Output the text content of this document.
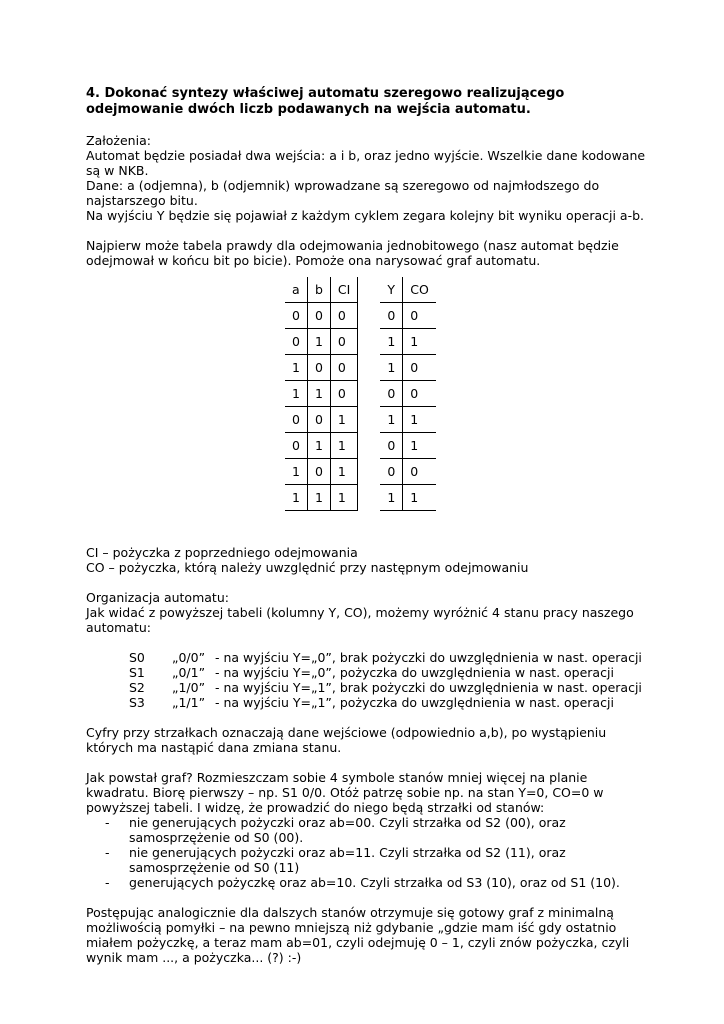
4. Dokonać syntezy właściwej automatu szeregowo realizującego odejmowanie dwóch liczb podawanych na wejścia automatu.

Założenia:

Automat będzie posiadał dwa wejścia: a i b, oraz jedno wyjście. Wszelkie dane kodowane są w NKB.

Dane: a (odjemna), b (odjemnik) wprowadzane są szeregowo od najmłodszego do najstarszego bitu.

Na wyjściu Y będzie się pojawiał z każdym cyklem zegara kolejny bit wyniku operacji a-b.

Najpierw może tabela prawdy dla odejmowania jednobitowego (nasz automat będzie odejmował w końcu bit po bicie). Pomoże ona narysować graf automatu.

a	b	CI		Y	CO
0	0	0		0	0
0	1	0		1	1
1	0	0		1	0
1	1	0		0	0
0	0	1		1	1
0	1	1		0	1
1	0	1		0	0
1	1	1		1	1

CI – pożyczka z poprzedniego odejmowania

CO – pożyczka, którą należy uwzględnić przy następnym odejmowaniu

Organizacja automatu:

Jak widać z powyższej tabeli (kolumny Y, CO), możemy wyróżnić 4 stanu pracy naszego automatu:

S0	„0/0” - na wyjściu Y=„0”, brak pożyczki do uwzględnienia w nast. operacji
S1	„0/1” - na wyjściu Y=„0”, pożyczka do uwzględnienia w nast. operacji
S2	„1/0” - na wyjściu Y=„1”, brak pożyczki do uwzględnienia w nast. operacji
S3	„1/1” - na wyjściu Y=„1”, pożyczka do uwzględnienia w nast. operacji

Cyfry przy strzałkach oznaczają dane wejściowe (odpowiednio a,b), po wystąpieniu których ma nastąpić dana zmiana stanu.

Jak powstał graf? Rozmieszczam sobie 4 symbole stanów mniej więcej na planie kwadratu. Biorę pierwszy – np. S1 0/0. Otóż patrzę sobie np. na stan Y=0, CO=0 w powyższej tabeli. I widzę, że prowadzić do niego będą strzałki od stanów:

- nie generujących pożyczki oraz ab=00. Czyli strzałka od S2 (00), oraz samosprzężenie od S0 (00).
- nie generujących pożyczki oraz ab=11. Czyli strzałka od S2 (11), oraz samosprzężenie od S0 (11)
- generujących pożyczkę oraz ab=10. Czyli strzałka od S3 (10), oraz od S1 (10).

Postępując analogicznie dla dalszych stanów otrzymuje się gotowy graf z minimalną możliwością pomyłki – na pewno mniejszą niż gdybanie „gdzie mam iść gdy ostatnio miałem pożyczkę, a teraz mam ab=01, czyli odejmuję 0 – 1, czyli znów pożyczka, czyli wynik mam ..., a pożyczka... (?) :-)
